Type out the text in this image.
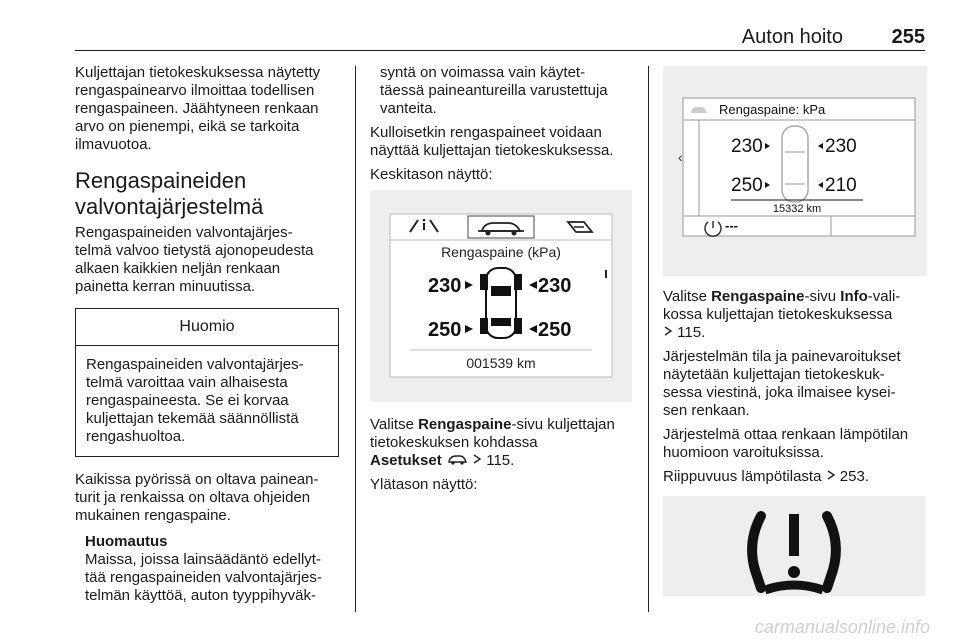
Auton hoito 255
Kuljettajan tietokeskuksessa näytetty
rengaspainearvo ilmoittaa todellisen
rengaspaineen. Jäähtyneen renkaan
arvo on pienempi, eikä se tarkoita
ilmavuotoa.
Rengaspaineiden
valvontajärjestelmä
Rengaspaineiden valvontajärjes-
telmä valvoo tietystä ajonopeudesta
alkaen kaikkien neljän renkaan
painetta kerran minuutissa.
Huomio
Rengaspaineiden valvontajärjes-
telmä varoittaa vain alhaisesta
rengaspaineesta. Se ei korvaa
kuljettajan tekemää säännöllistä
rengashuoltoa.
Kaikissa pyörissä on oltava painean-
turit ja renkaissa on oltava ohjeiden
mukainen rengaspaine.
Huomautus
Maissa, joissa lainsäädäntö edellyt-
tää rengaspaineiden valvontajärjes-
telmän käyttöä, auton tyyppihyväk-
syntä on voimassa vain käytet-
täessä paineantureilla varustettuja
vanteita.
Kulloisetkin rengaspaineet voidaan
näyttää kuljettajan tietokeskuksessa.
Keskitason näyttö:
Rengaspaine (kPa)
230	230
250	250
001539 km
Valitse Rengaspaine-sivu kuljettajan
tietokeskuksen kohdassa
Asetukset	115.
Ylätason näyttö:
‹
Rengaspaine: kPa
230	230
250	210
15332 km
---
Valitse Rengaspaine-sivu Info-vali-
kossa kuljettajan tietokeskuksessa
115.
Järjestelmän tila ja painevaroitukset
näytetään kuljettajan tietokeskuk-
sessa viestinä, joka ilmaisee kysei-
sen renkaan.
Järjestelmä ottaa renkaan lämpötilan
huomioon varoituksissa.
Riippuvuus lämpötilasta 253.
carmanualsonline.info
